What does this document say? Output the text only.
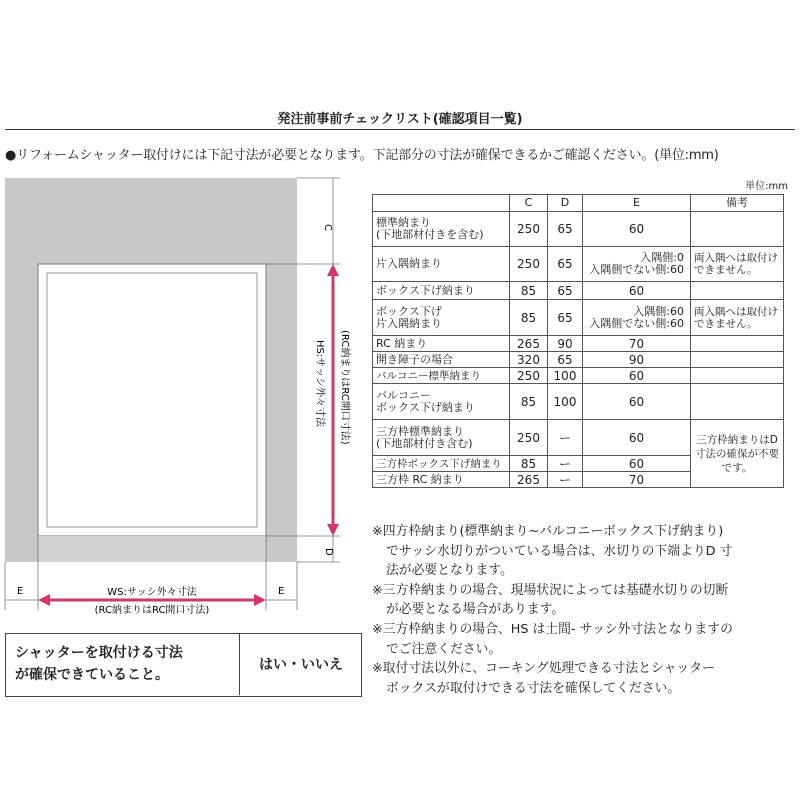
発注前事前チェックリスト(確認項目一覧)
●リフォームシャッター取付けには下記寸法が必要となります。下記部分の寸法が確保できるかご確認ください。(単位:mm)
C
D
E	E
HS:サッシ外々寸法 (RC納まりはRC開口寸法)
WS:サッシ外々寸法
(RC納まりはRC開口寸法)
単位:mm
	C	D	E	備考
標準納まり
(下地部材付きを含む)	250	65	60	
片入隅納まり	250	65	入隅側:0
入隅側でない側:60	両入隅へは取付けできません。
ボックス下げ納まり	85	65	60	
ボックス下げ
片入隅納まり	85	65	入隅側:60
入隅側でない側:60	両入隅へは取付けできません。
RC 納まり	265	90	70	
開き障子の場合	320	65	90	
バルコニー標準納まり	250	100	60	
バルコニー
ボックス下げ納まり	85	100	60	
三方枠標準納まり
(下地部材付き含む)	250	ー	60	三方枠納まりはD寸法の確保が不要です。
三方枠ボックス下げ納まり	85	ー	60	
三方枠 RC 納まり	265	ー	70	

※四方枠納まり(標準納まり~バルコニーボックス下げ納まり)

でサッシ水切りがついている場合は、水切りの下端よりD 寸

法が必要となります。

※三方枠納まりの場合、現場状況によっては基礎水切りの切断

が必要となる場合があります。

※三方枠納まりの場合、HS は土間- サッシ外寸法となりますの

でご注意ください。

※取付寸法以外に、コーキング処理できる寸法とシャッター

ボックスが取付けできる寸法を確保してください。

シャッターを取付ける寸法
が確保できていること。
はい・いいえ
